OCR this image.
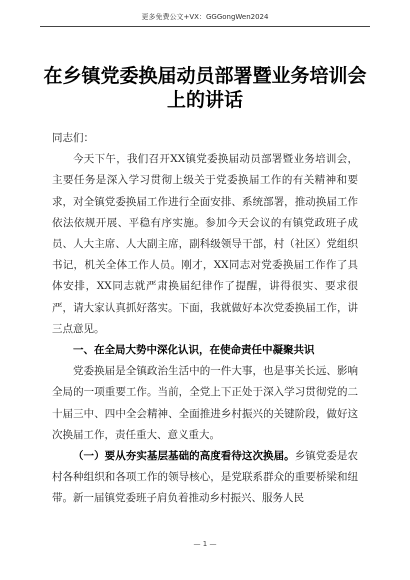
更多免费公文+VX：GGGongWen2024
在乡镇党委换届动员部署暨业务培训会上的讲话

同志们：

今天下午，我们召开XX镇党委换届动员部署暨业务培训会，主要任务是深入学习贯彻上级关于党委换届工作的有关精神和要求，对全镇党委换届工作进行全面安排、系统部署，推动换届工作依法依规开展、平稳有序实施。参加今天会议的有镇党政班子成员、人大主席、人大副主席，副科级领导干部，村（社区）党组织书记，机关全体工作人员。刚才，XX同志对党委换届工作作了具体安排，XX同志就严肃换届纪律作了提醒，讲得很实、要求很严，请大家认真抓好落实。下面，我就做好本次党委换届工作，讲三点意见。

一、在全局大势中深化认识，在使命责任中凝聚共识

党委换届是全镇政治生活中的一件大事，也是事关长远、影响全局的一项重要工作。当前，全党上下正处于深入学习贯彻党的二十届三中、四中全会精神、全面推进乡村振兴的关键阶段，做好这次换届工作，责任重大、意义重大。

（一）要从夯实基层基础的高度看待这次换届。乡镇党委是农村各种组织和各项工作的领导核心，是党联系群众的重要桥梁和纽带。新一届镇党委班子肩负着推动乡村振兴、服务人民

— 1 —
